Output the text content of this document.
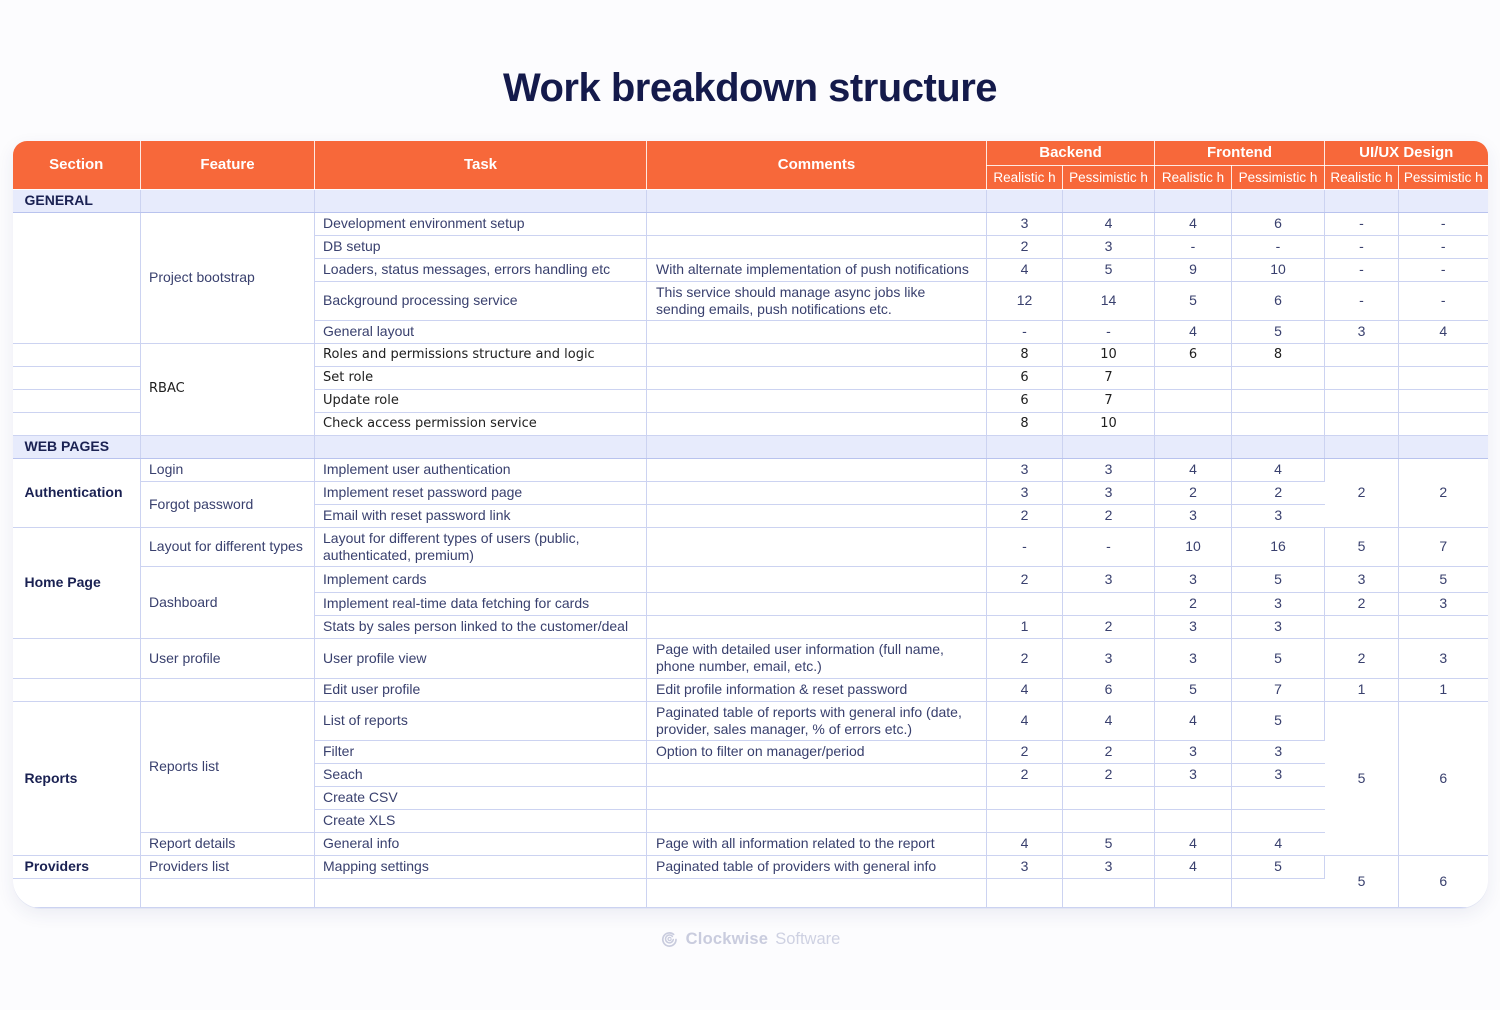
Work breakdown structure
Section	Feature	Task	Comments	Backend		Frontend		UI/UX Design	
				Realistic h	Pessimistic h	Realistic h	Pessimistic h	Realistic h	Pessimistic h
GENERAL									
	Project bootstrap	Development environment setup		3	4	4	6	-	-
		DB setup		2	3	-	-	-	-
		Loaders, status messages, errors handling etc	With alternate implementation of push notifications	4	5	9	10	-	-
		Background processing service	This service should manage async jobs like sending emails, push notifications etc.	12	14	5	6	-	-
		General layout		-	-	4	5	3	4
	RBAC	Roles and permissions structure and logic		8	10	6	8		
		Set role		6	7				
		Update role		6	7				
		Check access permission service		8	10				
WEB PAGES									
Authentication	Login	Implement user authentication		3	3	4	4	2	2
	Forgot password	Implement reset password page		3	3	2	2		
		Email with reset password link		2	2	3	3		
Home Page	Layout for different types	Layout for different types of users (public, authenticated, premium)		-	-	10	16	5	7
	Dashboard	Implement cards		2	3	3	5	3	5
		Implement real-time data fetching for cards				2	3	2	3
		Stats by sales person linked to the customer/deal		1	2	3	3		
	User profile	User profile view	Page with detailed user information (full name, phone number, email, etc.)	2	3	3	5	2	3
		Edit user profile	Edit profile information & reset password	4	6	5	7	1	1
Reports	Reports list	List of reports	Paginated table of reports with general info (date, provider, sales manager, % of errors etc.)	4	4	4	5	5	6
		Filter	Option to filter on manager/period	2	2	3	3		
		Seach		2	2	3	3		
		Create CSV							
		Create XLS							
	Report details	General info	Page with all information related to the report	4	5	4	4		
Providers	Providers list	Mapping settings	Paginated table of providers with general info	3	3	4	5	5	6

Clockwise Software
